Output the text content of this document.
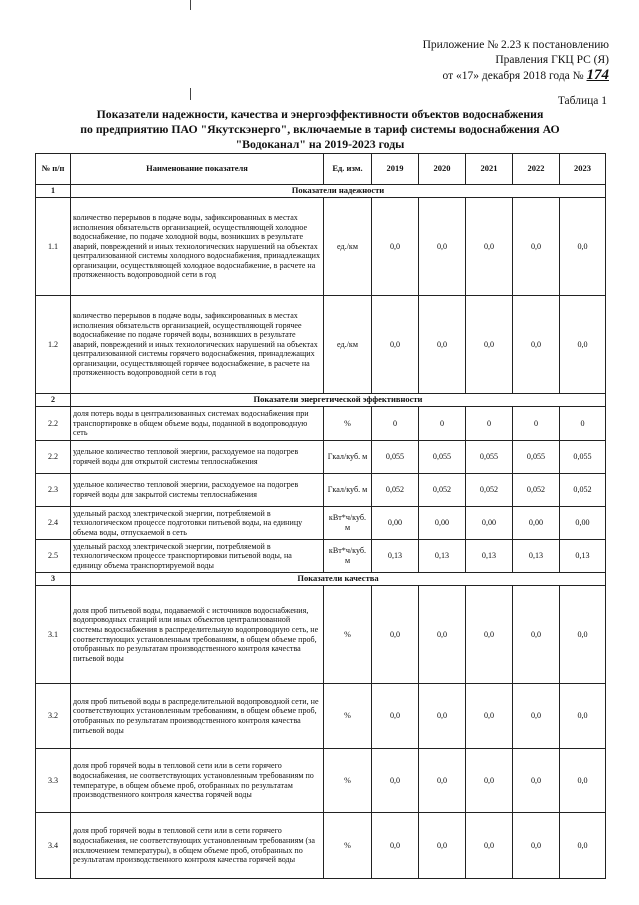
Приложение № 2.23 к постановлению
Правления ГКЦ РС (Я)
от «17» декабря 2018 года № 174
Таблица 1
Показатели надежности, качества и энергоэффективности объектов водоснабжения
по предприятию ПАО "Якутскэнерго", включаемые в тариф системы водоснабжения АО
"Водоканал" на 2019-2023 годы
№ п/п	Наименование показателя	Ед. изм.	2019	2020	2021	2022	2023
1	Показатели надежности						
1.1	количество перерывов в подаче воды, зафиксированных в местах исполнения обязательств организацией, осуществляющей холодное водоснабжение, по подаче холодной воды, возникших в результате аварий, повреждений и иных технологических нарушений на объектах централизованной системы холодного водоснабжения, принадлежащих организации, осуществляющей холодное водоснабжение, в расчете на протяженность водопроводной сети в год	ед./км	0,0	0,0	0,0	0,0	0,0
1.2	количество перерывов в подаче воды, зафиксированных в местах исполнения обязательств организацией, осуществляющей горячее водоснабжение по подаче горячей воды, возникших в результате аварий, повреждений и иных технологических нарушений на объектах централизованной системы горячего водоснабжения, принадлежащих организации, осуществляющей горячее водоснабжение, в расчете на протяженность водопроводной сети в год	ед./км	0,0	0,0	0,0	0,0	0,0
2	Показатели энергетической эффективности						
2.2	доля потерь воды в централизованных системах водоснабжения при транспортировке в общем объеме воды, поданной в водопроводную сеть	%	0	0	0	0	0
2.2	удельное количество тепловой энергии, расходуемое на подогрев горячей воды для открытой системы теплоснабжения	Гкал/куб. м	0,055	0,055	0,055	0,055	0,055
2.3	удельное количество тепловой энергии, расходуемое на подогрев горячей воды для закрытой системы теплоснабжения	Гкал/куб. м	0,052	0,052	0,052	0,052	0,052
2.4	удельный расход электрической энергии, потребляемой в технологическом процессе подготовки питьевой воды, на единицу объема воды, отпускаемой в сеть	кВт*ч/куб. м	0,00	0,00	0,00	0,00	0,00
2.5	удельный расход электрической энергии, потребляемой в технологическом процессе транспортировки питьевой воды, на единицу объема транспортируемой воды	кВт*ч/куб. м	0,13	0,13	0,13	0,13	0,13
3	Показатели качества						
3.1	доля проб питьевой воды, подаваемой с источников водоснабжения, водопроводных станций или иных объектов централизованной системы водоснабжения в распределительную водопроводную сеть, не соответствующих установленным требованиям, в общем объеме проб, отобранных по результатам производственного контроля качества питьевой воды	%	0,0	0,0	0,0	0,0	0,0
3.2	доля проб питьевой воды в распределительной водопроводной сети, не соответствующих установленным требованиям, в общем объеме проб, отобранных по результатам производственного контроля качества питьевой воды	%	0,0	0,0	0,0	0,0	0,0
3.3	доля проб горячей воды в тепловой сети или в сети горячего водоснабжения, не соответствующих установленным требованиям по температуре, в общем объеме проб, отобранных по результатам производственного контроля качества горячей воды	%	0,0	0,0	0,0	0,0	0,0
3.4	доля проб горячей воды в тепловой сети или в сети горячего водоснабжения, не соответствующих установленным требованиям (за исключением температуры), в общем объеме проб, отобранных по результатам производственного контроля качества горячей воды	%	0,0	0,0	0,0	0,0	0,0
